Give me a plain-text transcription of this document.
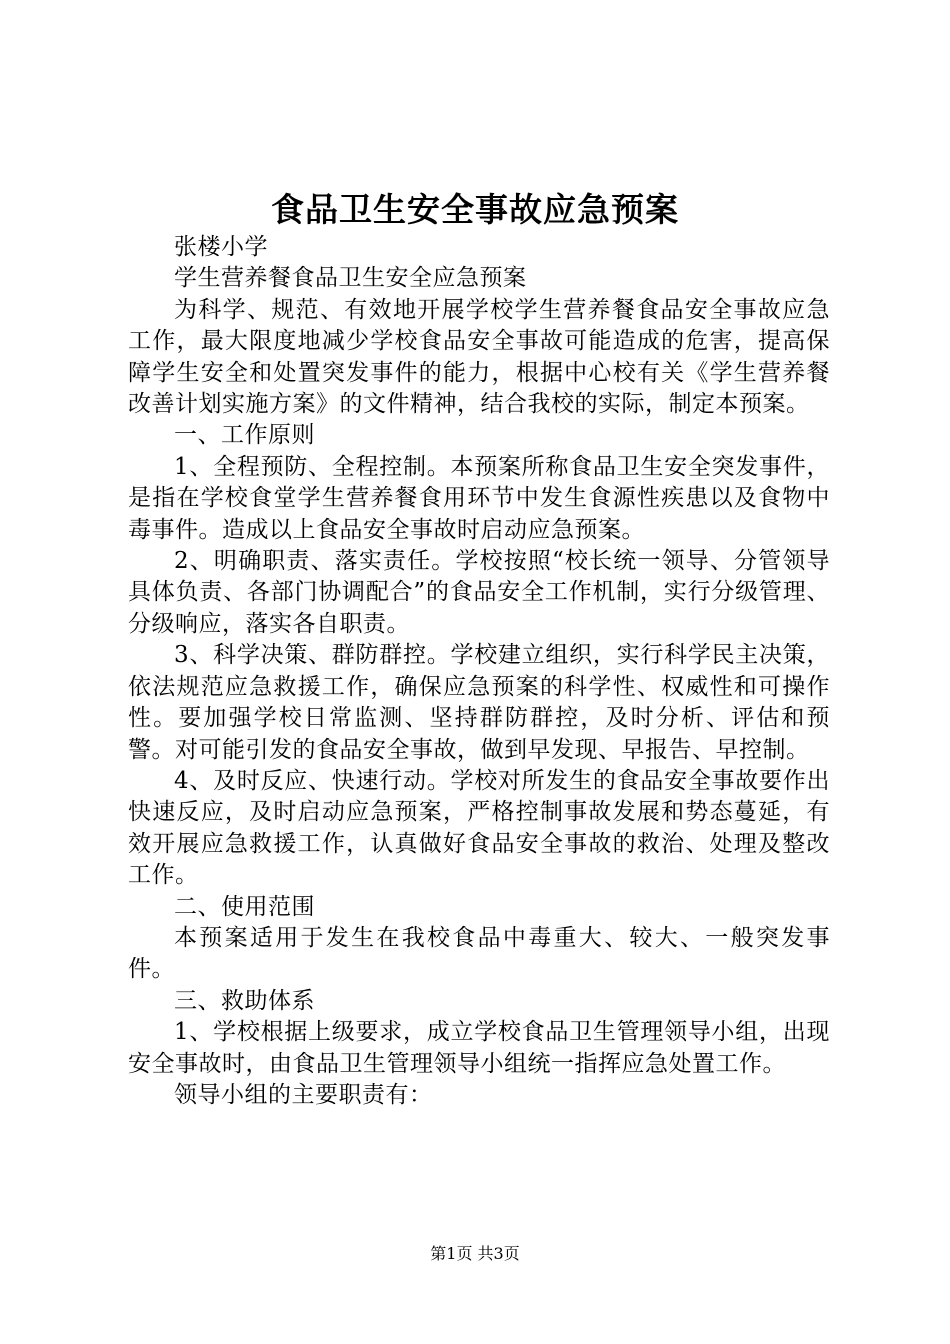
食品卫生安全事故应急预案

张楼小学

学生营养餐食品卫生安全应急预案

为科学、规范、有效地开展学校学生营养餐食品安全事故应急工作，最大限度地减少学校食品安全事故可能造成的危害，提高保障学生安全和处置突发事件的能力，根据中心校有关《学生营养餐改善计划实施方案》的文件精神，结合我校的实际，制定本预案。

一、工作原则

1、全程预防、全程控制。本预案所称食品卫生安全突发事件，是指在学校食堂学生营养餐食用环节中发生食源性疾患以及食物中毒事件。造成以上食品安全事故时启动应急预案。

2、明确职责、落实责任。学校按照“校长统一领导、分管领导具体负责、各部门协调配合”的食品安全工作机制，实行分级管理、分级响应，落实各自职责。

3、科学决策、群防群控。学校建立组织，实行科学民主决策，依法规范应急救援工作，确保应急预案的科学性、权威性和可操作性。要加强学校日常监测、坚持群防群控，及时分析、评估和预警。对可能引发的食品安全事故，做到早发现、早报告、早控制。

4、及时反应、快速行动。学校对所发生的食品安全事故要作出快速反应，及时启动应急预案，严格控制事故发展和势态蔓延，有效开展应急救援工作，认真做好食品安全事故的救治、处理及整改工作。

二、使用范围

本预案适用于发生在我校食品中毒重大、较大、一般突发事件。

三、救助体系

1、学校根据上级要求，成立学校食品卫生管理领导小组，出现安全事故时，由食品卫生管理领导小组统一指挥应急处置工作。

领导小组的主要职责有：

第1页 共3页
